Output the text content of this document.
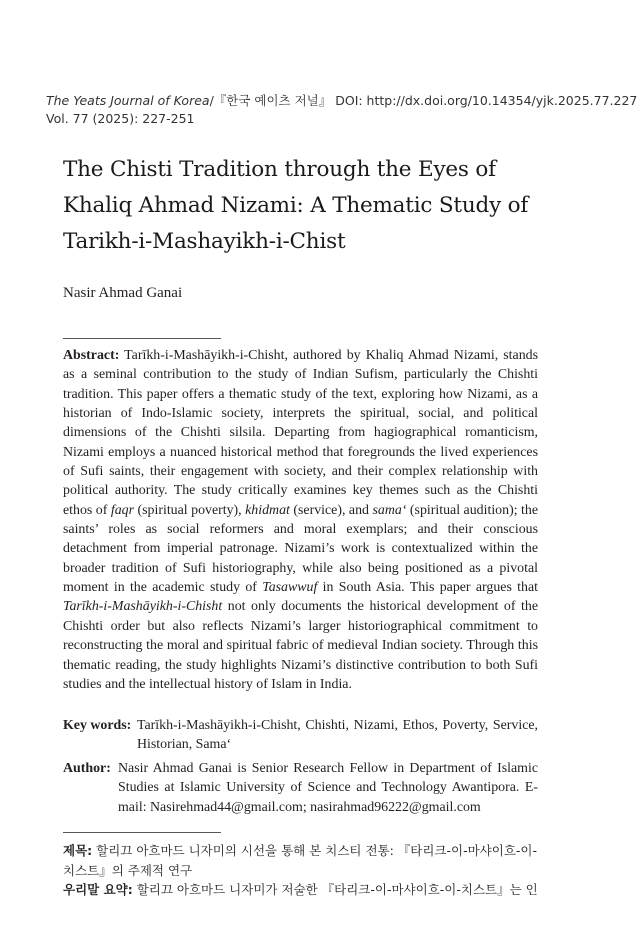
The Yeats Journal of Korea/『한국 예이츠 저널』 DOI: http://dx.doi.org/10.14354/yjk.2025.77.227
Vol. 77 (2025): 227-251
The Chisti Tradition through the Eyes of
Khaliq Ahmad Nizami: A Thematic Study of
Tarikh-i-Mashayikh-i-Chist
Nasir Ahmad Ganai
Abstract: Tarīkh-i-Mashāyikh-i-Chisht, authored by Khaliq Ahmad Nizami, stands as a seminal contribution to the study of Indian Sufism, particularly the Chishti tradition. This paper offers a thematic study of the text, exploring how Nizami, as a historian of Indo-Islamic society, interprets the spiritual, social, and political dimensions of the Chishti silsila. Departing from hagiographical romanticism, Nizami employs a nuanced historical method that foregrounds the lived experiences of Sufi saints, their engagement with society, and their complex relationship with political authority. The study critically examines key themes such as the Chishti ethos of faqr (spiritual poverty), khidmat (service), and sama‘ (spiritual audition); the saints’ roles as social reformers and moral exemplars; and their conscious detachment from imperial patronage. Nizami’s work is contextualized within the broader tradition of Sufi historiography, while also being positioned as a pivotal moment in the academic study of Tasawwuf in South Asia. This paper argues that Tarīkh-i-Mashāyikh-i-Chisht not only documents the historical development of the Chishti order but also reflects Nizami’s larger historiographical commitment to reconstructing the moral and spiritual fabric of medieval Indian society. Through this thematic reading, the study highlights Nizami’s distinctive contribution to both Sufi studies and the intellectual history of Islam in India.
Key words: Tarīkh-i-Mashāyikh-i-Chisht, Chishti, Nizami, Ethos, Poverty, Service, Historian, Sama‘
Author: Nasir Ahmad Ganai is Senior Research Fellow in Department of Islamic Studies at Islamic University of Science and Technology Awantipora. E-mail: Nasirehmad44@gmail.com; nasirahmad96222@gmail.com
제목: 할리끄 아흐마드 니자미의 시선을 통해 본 치스티 전통: 『타리크-이-마샤이흐-이-치스트』의 주제적 연구
우리말 요약: 할리끄 아흐마드 니자미가 저술한 『타리크-이-마샤이흐-이-치스트』는 인
